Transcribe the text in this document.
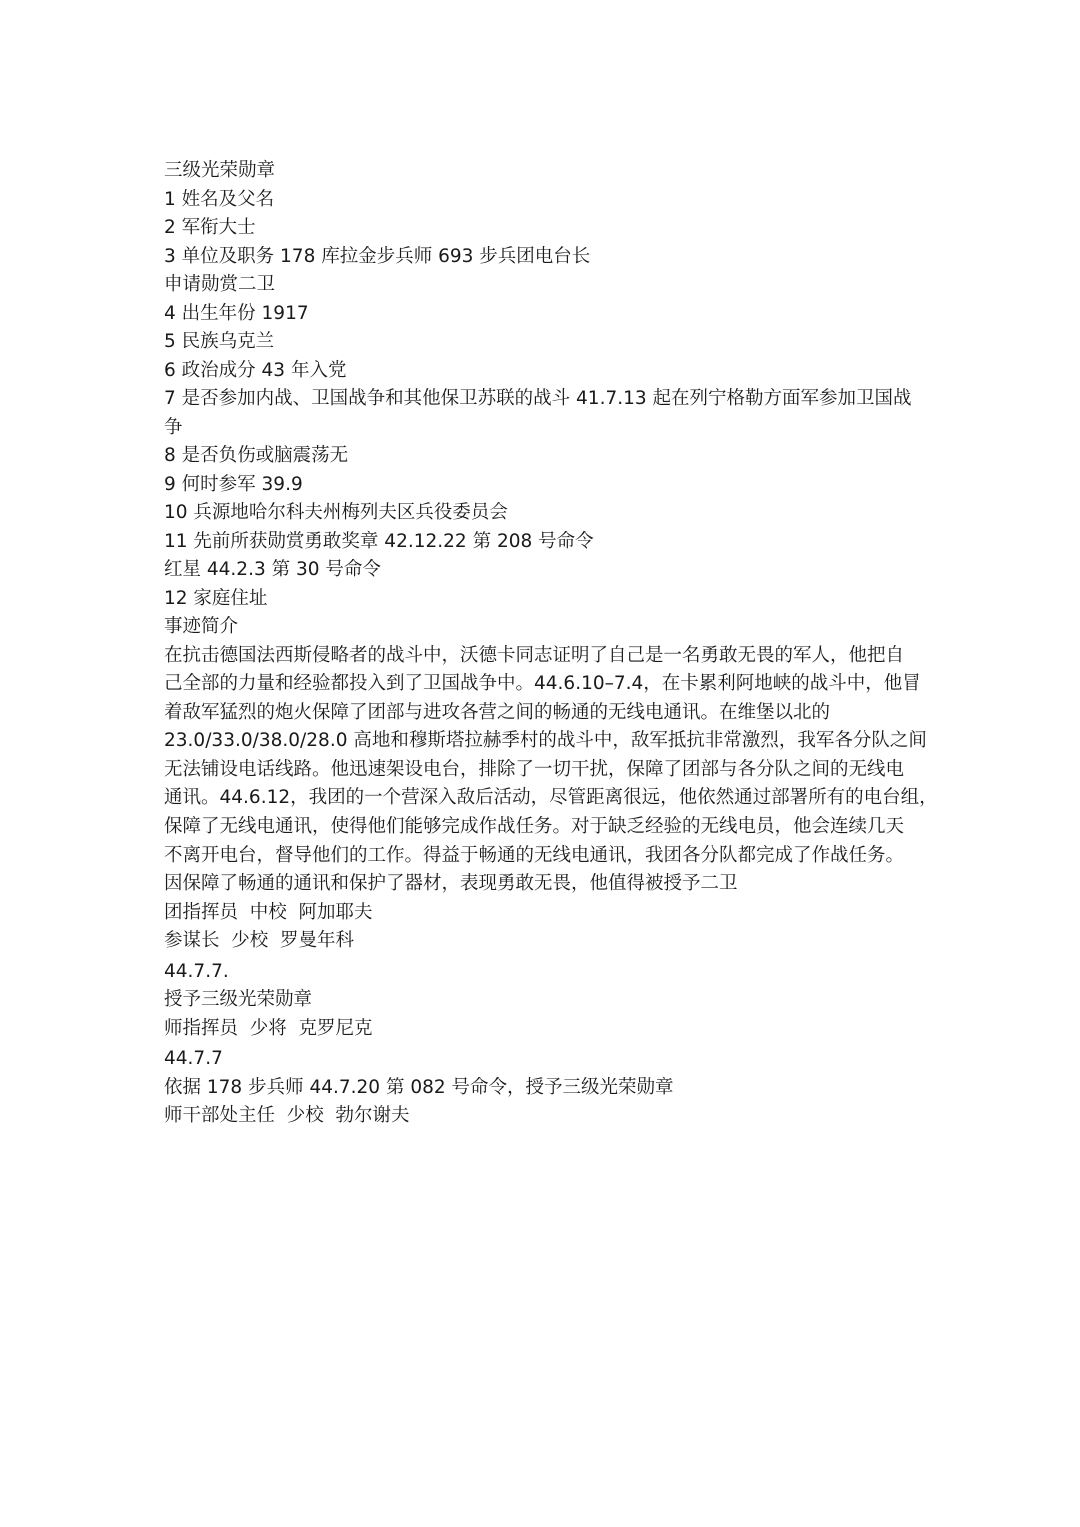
三级光荣勋章
1 姓名及父名
2 军衔大士
3 单位及职务 178 库拉金步兵师 693 步兵团电台长
申请勋赏二卫
4 出生年份 1917
5 民族乌克兰
6 政治成分 43 年入党
7 是否参加内战、卫国战争和其他保卫苏联的战斗 41.7.13 起在列宁格勒方面军参加卫国战
争
8 是否负伤或脑震荡无
9 何时参军 39.9
10 兵源地哈尔科夫州梅列夫区兵役委员会
11 先前所获勋赏勇敢奖章 42.12.22 第 208 号命令
红星 44.2.3 第 30 号命令
12 家庭住址
事迹简介
在抗击德国法西斯侵略者的战斗中，沃德卡同志证明了自己是一名勇敢无畏的军人，他把自
己全部的力量和经验都投入到了卫国战争中。44.6.10–7.4，在卡累利阿地峡的战斗中，他冒
着敌军猛烈的炮火保障了团部与进攻各营之间的畅通的无线电通讯。在维堡以北的
23.0/33.0/38.0/28.0 高地和穆斯塔拉赫季村的战斗中，敌军抵抗非常激烈，我军各分队之间
无法铺设电话线路。他迅速架设电台，排除了一切干扰，保障了团部与各分队之间的无线电
通讯。44.6.12，我团的一个营深入敌后活动，尽管距离很远，他依然通过部署所有的电台组，
保障了无线电通讯，使得他们能够完成作战任务。对于缺乏经验的无线电员，他会连续几天
不离开电台，督导他们的工作。得益于畅通的无线电通讯，我团各分队都完成了作战任务。
因保障了畅通的通讯和保护了器材，表现勇敢无畏，他值得被授予二卫
团指挥员  中校  阿加耶夫
参谋长  少校  罗曼年科
44.7.7.
授予三级光荣勋章
师指挥员  少将  克罗尼克
44.7.7
依据 178 步兵师 44.7.20 第 082 号命令，授予三级光荣勋章
师干部处主任  少校  勃尔谢夫
